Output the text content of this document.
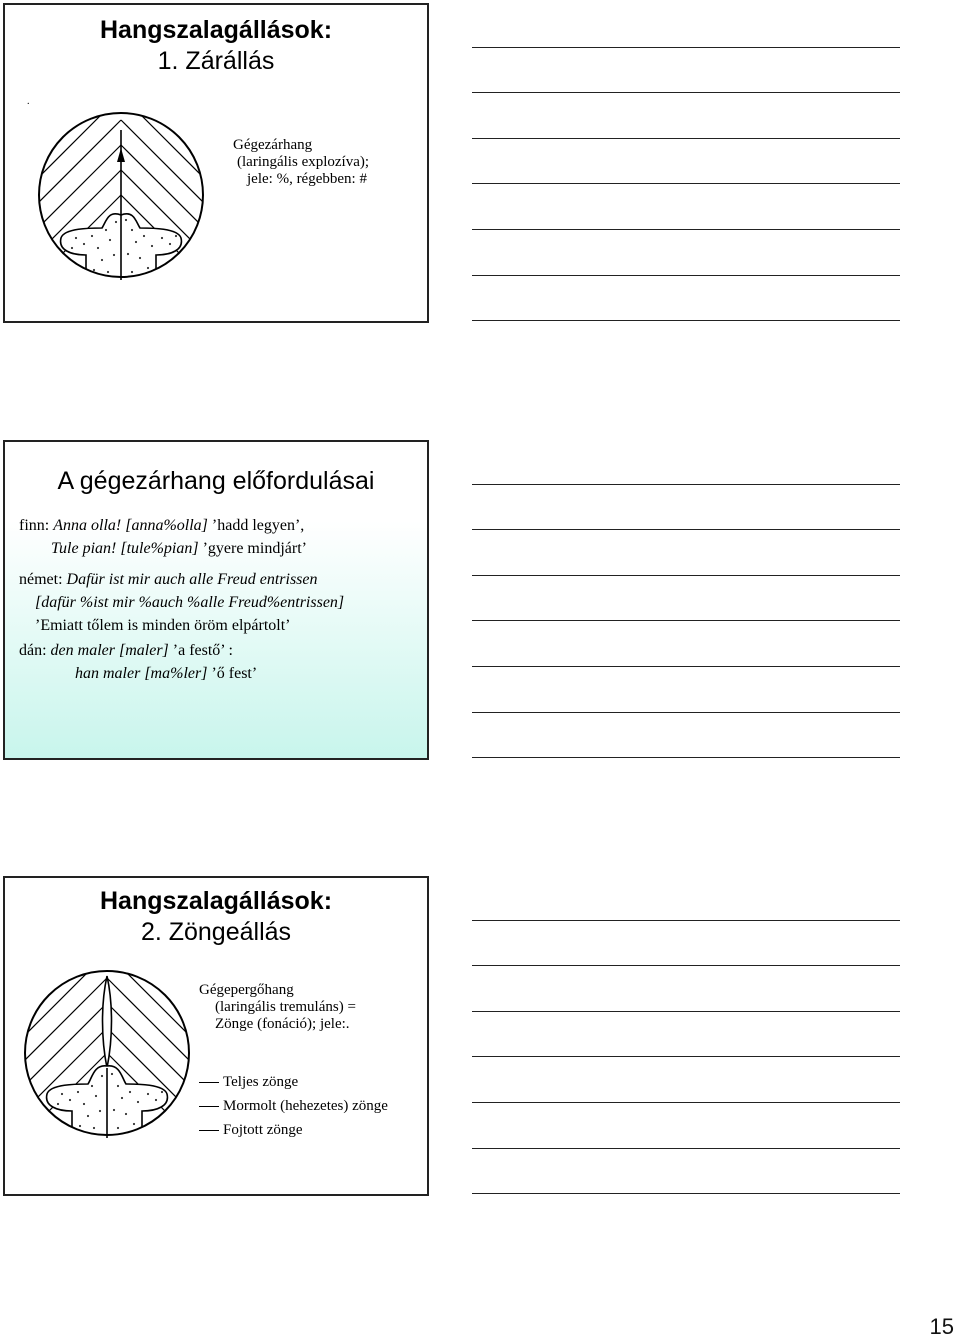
Hangszalagállások:
1. Zárállás
.
Gégezárhang
(laringális explozíva);
jele: %, régebben: #
A gégezárhang előfordulásai
finn: Anna olla! [anna%olla] ’hadd legyen’,
Tule pian! [tule%pian] ’gyere mindjárt’
német: Dafür ist mir auch alle Freud entrissen
[dafür %ist mir %auch %alle Freud%entrissen]
’Emiatt tőlem is minden öröm elpártolt’
dán: den maler [maler] ’a festő’ :
han maler [ma%ler] ’ő fest’
Hangszalagállások:
2. Zöngeállás
Gégepergőhang
(laringális tremuláns) =
Zönge (fonáció); jele:.
Teljes zönge
Mormolt (hehezetes) zönge
Fojtott zönge
15
